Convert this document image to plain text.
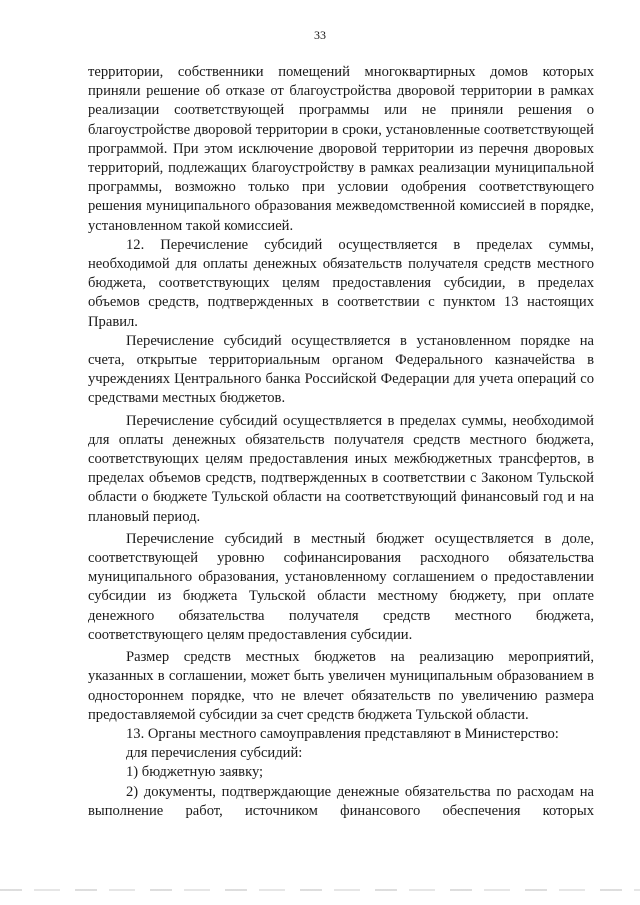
33

территории, собственники помещений многоквартирных домов которых приняли решение об отказе от благоустройства дворовой территории в рамках реализации соответствующей программы или не приняли решения о благоустройстве дворовой территории в сроки, установленные соответствующей программой. При этом исключение дворовой территории из перечня дворовых территорий, подлежащих благоустройству в рамках реализации муниципальной программы, возможно только при условии одобрения соответствующего решения муниципального образования межведомственной комиссией в порядке, установленном такой комиссией.

12. Перечисление субсидий осуществляется в пределах суммы, необходимой для оплаты денежных обязательств получателя средств местного бюджета, соответствующих целям предоставления субсидии, в пределах объемов средств, подтвержденных в соответствии с пунктом 13 настоящих Правил.

Перечисление субсидий осуществляется в установленном порядке на счета, открытые территориальным органом Федерального казначейства в учреждениях Центрального банка Российской Федерации для учета операций со средствами местных бюджетов.

Перечисление субсидий осуществляется в пределах суммы, необходимой для оплаты денежных обязательств получателя средств местного бюджета, соответствующих целям предоставления иных межбюджетных трансфертов, в пределах объемов средств, подтвержденных в соответствии с Законом Тульской области о бюджете Тульской области на соответствующий финансовый год и на плановый период.

Перечисление субсидий в местный бюджет осуществляется в доле, соответствующей уровню софинансирования расходного обязательства муниципального образования, установленному соглашением о предоставлении субсидии из бюджета Тульской области местному бюджету, при оплате денежного обязательства получателя средств местного бюджета, соответствующего целям предоставления субсидии.

Размер средств местных бюджетов на реализацию мероприятий, указанных в соглашении, может быть увеличен муниципальным образованием в одностороннем порядке, что не влечет обязательств по увеличению размера предоставляемой субсидии за счет средств бюджета Тульской области.

13. Органы местного самоуправления представляют в Министерство:

для перечисления субсидий:

1) бюджетную заявку;

2) документы, подтверждающие денежные обязательства по расходам на выполнение работ, источником финансового обеспечения которых
